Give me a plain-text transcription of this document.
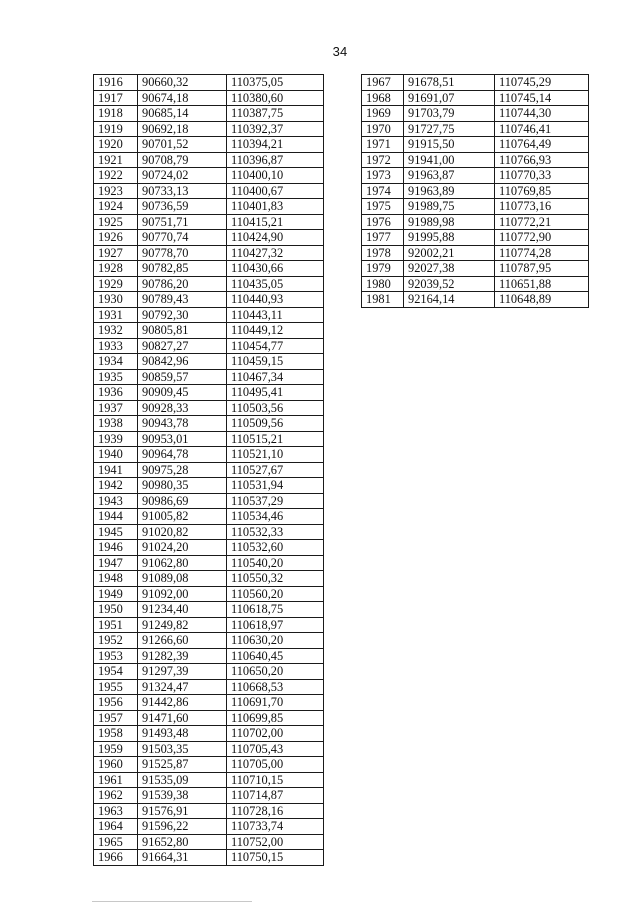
34
1916	90660,32	110375,05
1917	90674,18	110380,60
1918	90685,14	110387,75
1919	90692,18	110392,37
1920	90701,52	110394,21
1921	90708,79	110396,87
1922	90724,02	110400,10
1923	90733,13	110400,67
1924	90736,59	110401,83
1925	90751,71	110415,21
1926	90770,74	110424,90
1927	90778,70	110427,32
1928	90782,85	110430,66
1929	90786,20	110435,05
1930	90789,43	110440,93
1931	90792,30	110443,11
1932	90805,81	110449,12
1933	90827,27	110454,77
1934	90842,96	110459,15
1935	90859,57	110467,34
1936	90909,45	110495,41
1937	90928,33	110503,56
1938	90943,78	110509,56
1939	90953,01	110515,21
1940	90964,78	110521,10
1941	90975,28	110527,67
1942	90980,35	110531,94
1943	90986,69	110537,29
1944	91005,82	110534,46
1945	91020,82	110532,33
1946	91024,20	110532,60
1947	91062,80	110540,20
1948	91089,08	110550,32
1949	91092,00	110560,20
1950	91234,40	110618,75
1951	91249,82	110618,97
1952	91266,60	110630,20
1953	91282,39	110640,45
1954	91297,39	110650,20
1955	91324,47	110668,53
1956	91442,86	110691,70
1957	91471,60	110699,85
1958	91493,48	110702,00
1959	91503,35	110705,43
1960	91525,87	110705,00
1961	91535,09	110710,15
1962	91539,38	110714,87
1963	91576,91	110728,16
1964	91596,22	110733,74
1965	91652,80	110752,00
1966	91664,31	110750,15
1967	91678,51	110745,29
1968	91691,07	110745,14
1969	91703,79	110744,30
1970	91727,75	110746,41
1971	91915,50	110764,49
1972	91941,00	110766,93
1973	91963,87	110770,33
1974	91963,89	110769,85
1975	91989,75	110773,16
1976	91989,98	110772,21
1977	91995,88	110772,90
1978	92002,21	110774,28
1979	92027,38	110787,95
1980	92039,52	110651,88
1981	92164,14	110648,89
